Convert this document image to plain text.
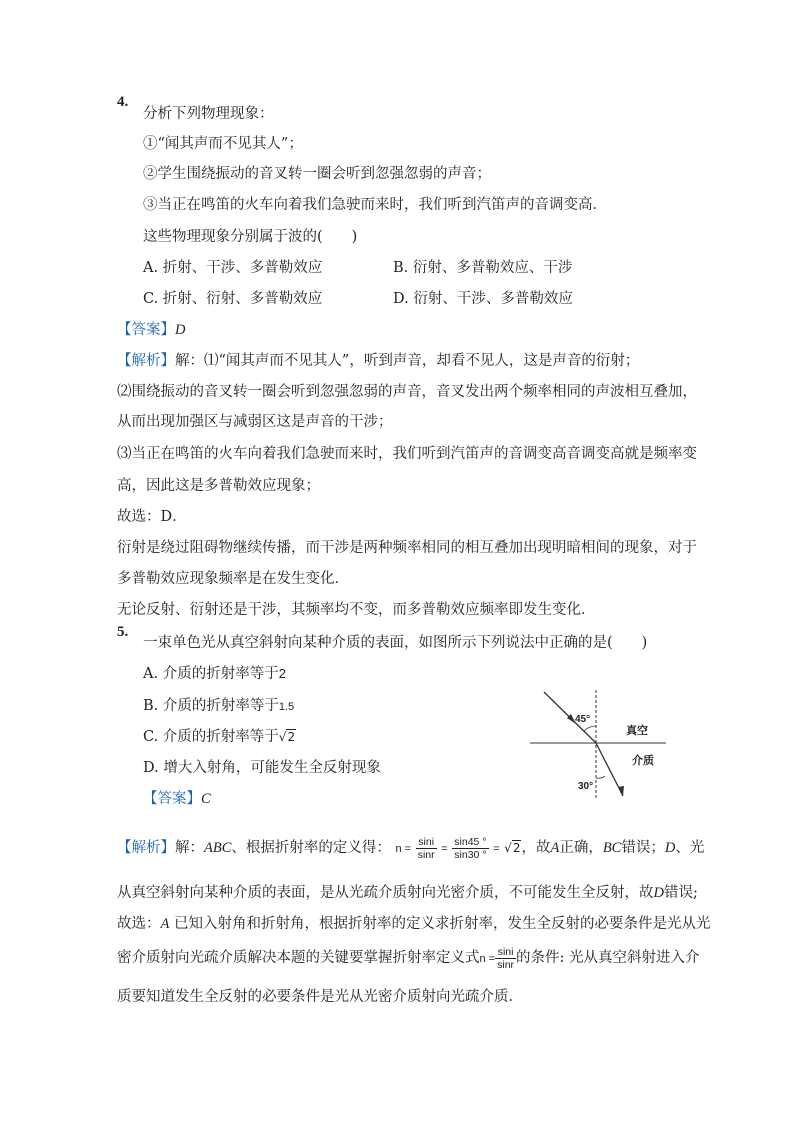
4.
分析下列物理现象：
①“闻其声而不见其人”；
②学生围绕振动的音叉转一圈会听到忽强忽弱的声音；
③当正在鸣笛的火车向着我们急驶而来时，我们听到汽笛声的音调变高．
这些物理现象分别属于波的(　　)
A. 折射、干涉、多普勒效应	B. 衍射、多普勒效应、干涉
C. 折射、衍射、多普勒效应	D. 衍射、干涉、多普勒效应
【答案】D
【解析】解：⑴“闻其声而不见其人”，听到声音，却看不见人，这是声音的衍射；
⑵围绕振动的音叉转一圈会听到忽强忽弱的声音，音叉发出两个频率相同的声波相互叠加，
从而出现加强区与减弱区这是声音的干涉；
⑶当正在鸣笛的火车向着我们急驶而来时，我们听到汽笛声的音调变高音调变高就是频率变
高，因此这是多普勒效应现象；
故选：D．
衍射是绕过阻碍物继续传播，而干涉是两种频率相同的相互叠加出现明暗相间的现象，对于
多普勒效应现象频率是在发生变化．
无论反射、衍射还是干涉，其频率均不变，而多普勒效应频率即发生变化．
5.
一束单色光从真空斜射向某种介质的表面，如图所示下列说法中正确的是(　　)
A. 介质的折射率等于2
B. 介质的折射率等于1.5
C. 介质的折射率等于√2
D. 增大入射角，可能发生全反射现象
【答案】C
45°
30°
真空
介质
【解析】解：ABC、根据折射率的定义得： $n = \frac{\sin i}{\sin r} = \frac{\sin 45 ^\circ}{\sin 30 ^\circ} = √2$，故A正确，BC错误；D、光
从真空斜射向某种介质的表面，是从光疏介质射向光密介质，不可能发生全反射，故D错误;
故选：A 已知入射角和折射角，根据折射率的定义求折射率，发生全反射的必要条件是光从光
密介质射向光疏介质解决本题的关键要掌握折射率定义式$n = \frac{\sin i}{\sin r}$ 的条件: 光从真空斜射进入介
质要知道发生全反射的必要条件是光从光密介质射向光疏介质．
